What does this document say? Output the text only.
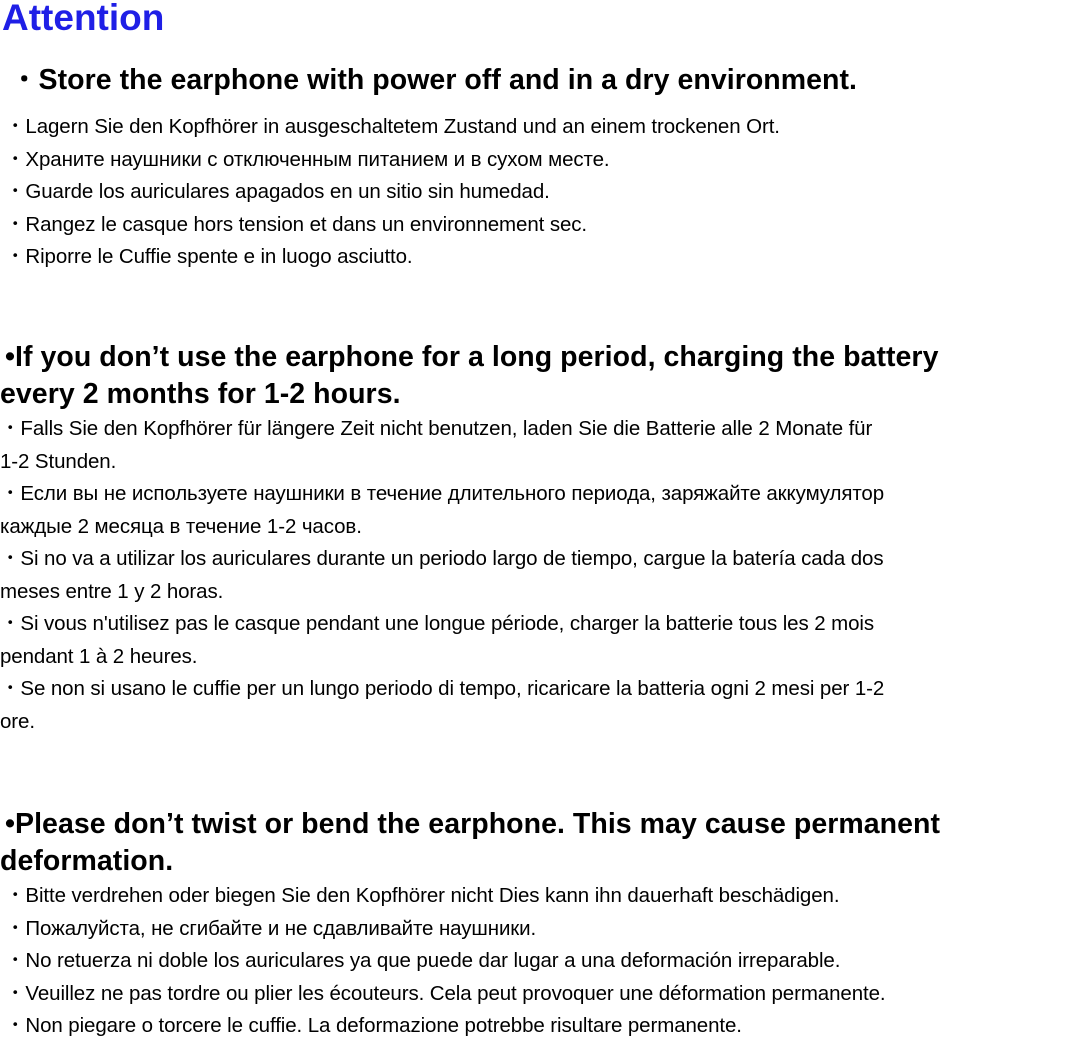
Attention
・Store the earphone with power off and in a dry environment.
・Lagern Sie den Kopfhörer in ausgeschaltetem Zustand und an einem trockenen Ort.
・Храните наушники с отключенным питанием и в сухом месте.
・Guarde los auriculares apagados en un sitio sin humedad.
・Rangez le casque hors tension et dans un environnement sec.
・Riporre le Cuffie spente e in luogo asciutto.
•If you don’t use the earphone for a long period, charging the battery
every 2 months for 1-2 hours.
・Falls Sie den Kopfhörer für längere Zeit nicht benutzen, laden Sie die Batterie alle 2 Monate für
1-2 Stunden.
・Если вы не используете наушники в течение длительного периода, заряжайте аккумулятор
каждые 2 месяца в течение 1-2 часов.
・Si no va a utilizar los auriculares durante un periodo largo de tiempo, cargue la batería cada dos
meses entre 1 y 2 horas.
・Si vous n'utilisez pas le casque pendant une longue période, charger la batterie tous les 2 mois
pendant 1 à 2 heures.
・Se non si usano le cuffie per un lungo periodo di tempo, ricaricare la batteria ogni 2 mesi per 1-2
ore.
•Please don’t twist or bend the earphone. This may cause permanent
deformation.
・Bitte verdrehen oder biegen Sie den Kopfhörer nicht Dies kann ihn dauerhaft beschädigen.
・Пожалуйста, не сгибайте и не сдавливайте наушники.
・No retuerza ni doble los auriculares ya que puede dar lugar a una deformación irreparable.
・Veuillez ne pas tordre ou plier les écouteurs. Cela peut provoquer une déformation permanente.
・Non piegare o torcere le cuffie. La deformazione potrebbe risultare permanente.
